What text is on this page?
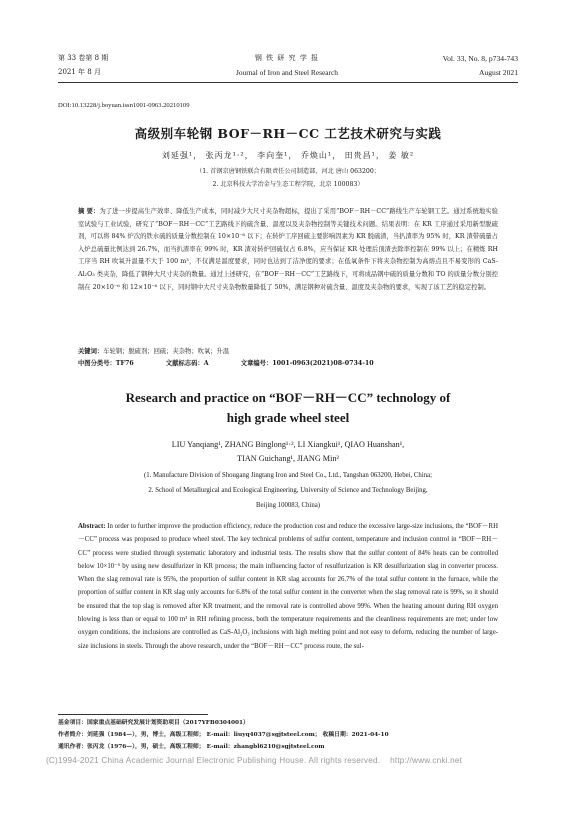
第 33 卷第 8 期
2021 年 8 月
钢 铁 研 究 学 报
Journal of Iron and Steel Research
Vol. 33, No. 8, p734-743
August 2021
DOI:10.13228/j.boyuan.issn1001-0963.20210109
高级别车轮钢 BOF－RH－CC 工艺技术研究与实践
刘延强¹， 张丙龙¹·²， 李向奎¹， 乔焕山¹， 田贵昌¹， 姜 敏²
（1. 首钢京唐钢铁联合有限责任公司制造部，河北 唐山 063200；
2. 北京科技大学冶金与生态工程学院，北京 100083）
摘 要：为了进一步提高生产效率、降低生产成本，同时减少大尺寸夹杂物超标，提出了采用“BOF－RH－CC”路线生产车轮钢工艺。通过系统地实验室试验与工业试验，研究了“BOF－RH－CC”工艺路线下的硫含量、温度以及夹杂物控制等关键技术问题。结果表明：在 KR 工序通过采用新型脱硫剂，可以将 84% 炉次的铁水硫的质量分数控制在 10×10⁻⁶ 以下；在转炉工序回硫主要影响因素为 KR 脱硫渣，当扒渣率为 95% 时，KR 渣带硫量占入炉总硫量比例达到 26.7%，而当扒渣率在 99% 时，KR 渣对转炉回硫仅占 6.8%，应当保证 KR 处理后顶渣去除率控制在 99% 以上；在精炼 RH 工序当 RH 吹氧升温量不大于 100 m³，不仅满足温度要求，同时也达到了洁净度的要求；在低氧条件下将夹杂物控制为高熔点且不易变形的 CaS-Al₂O₃ 类夹杂，降低了钢种大尺寸夹杂的数量。通过上述研究，在“BOF－RH－CC”工艺路线下，可将成品钢中硫的质量分数和 TO 的质量分数分别控制在 20×10⁻⁶ 和 12×10⁻⁶ 以下，同时钢中大尺寸夹杂物数量降低了 50%，满足钢种对硫含量、温度及夹杂物的要求，实现了该工艺的稳定控制。
关键词：车轮钢；脱硫剂；回硫；夹杂物；吹氧；升温
中图分类号：TF76	文献标志码：A	文章编号：1001-0963(2021)08-0734-10
Research and practice on “BOF－RH－CC” technology of
high grade wheel steel
LIU Yanqiang¹, ZHANG Binglong¹·², LI Xiangkui¹, QIAO Huanshan¹,
TIAN Guichang¹, JIANG Min²
(1. Manufacture Division of Shougang Jingtang Iron and Steel Co., Ltd., Tangshan 063200, Hebei, China;
2. School of Metallurgical and Ecological Engineering, University of Science and Technology Beijing,
Beijing 100083, China)
Abstract: In order to further improve the production efficiency, reduce the production cost and reduce the excessive large-size inclusions, the “BOF－RH－CC” process was proposed to produce wheel steel. The key technical problems of sulfur content, temperature and inclusion control in “BOF－RH－CC” process were studied through systematic laboratory and industrial tests. The results show that the sulfur content of 84% heats can be controlled below 10×10⁻⁶ by using new desulfurizer in KR process; the main influencing factor of resulfurization is KR desulfurization slag in converter process. When the slag removal rate is 95%, the proportion of sulfur content in KR slag accounts for 26.7% of the total sulfur content in the furnace, while the proportion of sulfur content in KR slag only accounts for 6.8% of the total sulfur content in the converter when the slag removal rate is 99%, so it should be ensured that the top slag is removed after KR treatment, and the removal rate is controlled above 99%. When the heating amount during RH oxygen blowing is less than or equal to 100 m³ in RH refining process, both the temperature requirements and the cleanliness requirements are met; under low oxygen conditions, the inclusions are controlled as CaS-Al₂O₃ inclusions with high melting point and not easy to deform, reducing the number of large-size inclusions in steels. Through the above research, under the “BOF－RH－CC” process route, the sul-
基金项目：国家重点基础研究发展计划资助项目（2017YFB0304001）
作者简介：刘延强（1984—），男，博士，高级工程师； E-mail：liuyq4037@sgjtsteel.com； 收稿日期：2021-04-10
通讯作者：张丙龙（1976—），男，硕士，高级工程师； E-mail：zhangbl6210@sgjtsteel.com
(C)1994-2021 China Academic Journal Electronic Publishing House. All rights reserved.    http://www.cnki.net
